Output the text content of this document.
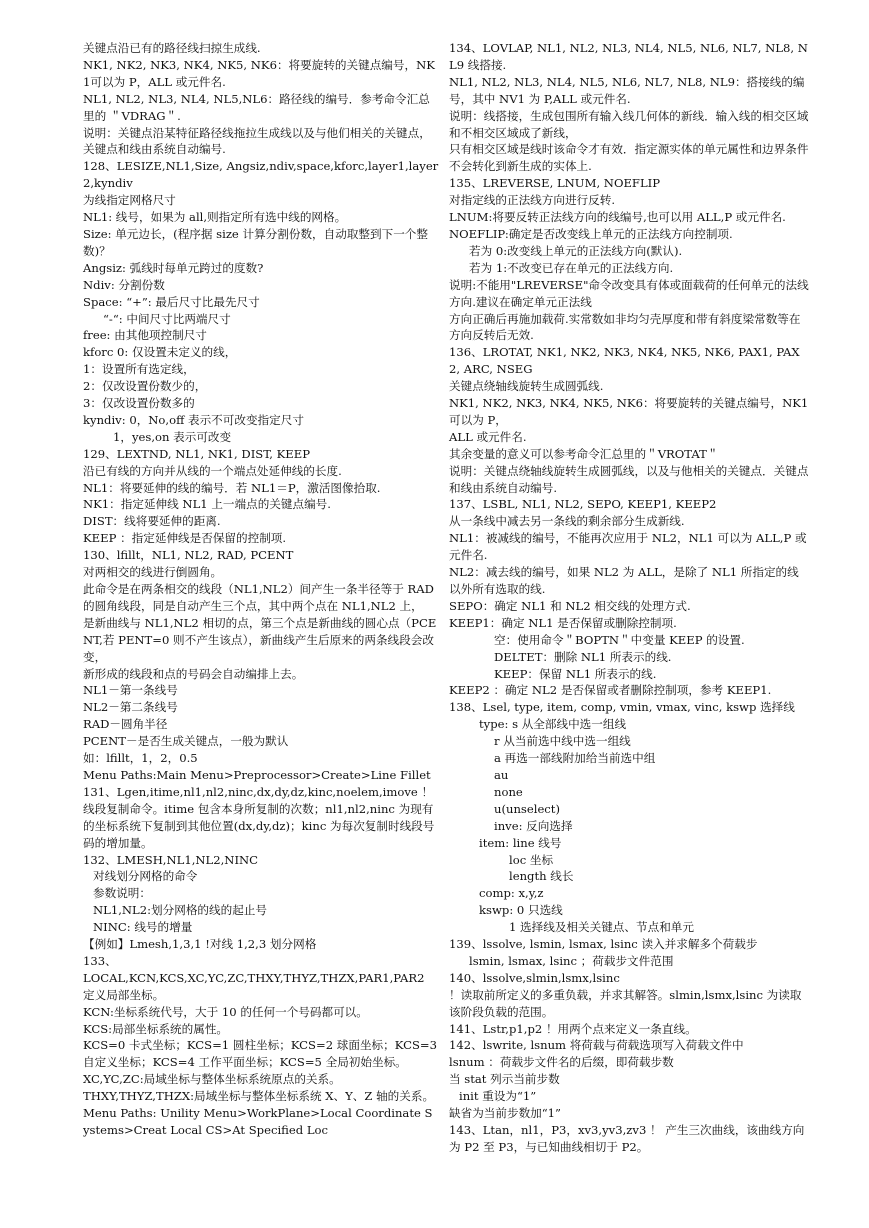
关键点沿已有的路径线扫掠生成线.
NK1, NK2, NK3, NK4, NK5, NK6：将要旋转的关键点编号，NK1可以为 P，ALL 或元件名.
NL1, NL2, NL3, NL4, NL5,NL6：路径线的编号．参考命令汇总里的 ＂VDRAG＂.
说明：关键点沿某特征路径线拖拉生成线以及与他们相关的关键点，关键点和线由系统自动编号.
128、LESIZE,NL1,Size, Angsiz,ndiv,space,kforc,layer1,layer2,kyndiv
为线指定网格尺寸
NL1: 线号，如果为 all,则指定所有选中线的网格。
Size: 单元边长，(程序据 size 计算分割份数，自动取整到下一个整数)？
Angsiz: 弧线时每单元跨过的度数?
Ndiv: 分割份数
Space: “+”: 最后尺寸比最先尺寸
“-“: 中间尺寸比两端尺寸
free: 由其他项控制尺寸
kforc 0: 仅设置未定义的线，
1：设置所有选定线，
2：仅改设置份数少的，
3：仅改设置份数多的
kyndiv: 0，No,off 表示不可改变指定尺寸
1，yes,on 表示可改变
129、LEXTND, NL1, NK1, DIST, KEEP
沿已有线的方向并从线的一个端点处延伸线的长度.
NL1：将要延伸的线的编号．若 NL1＝P，激活图像拾取.
NK1：指定延伸线 NL1 上一端点的关键点编号.
DIST：线将要延伸的距离.
KEEP ：指定延伸线是否保留的控制项.
130、lfillt，NL1, NL2, RAD, PCENT
对两相交的线进行倒圆角。
此命令是在两条相交的线段（NL1,NL2）间产生一条半径等于 RAD 的圆角线段，同是自动产生三个点，其中两个点在 NL1,NL2 上，
是新曲线与 NL1,NL2 相切的点，第三个点是新曲线的圆心点（PCENT,若 PENT=0 则不产生该点），新曲线产生后原来的两条线段会改变，
新形成的线段和点的号码会自动编排上去。
NL1－第一条线号
NL2－第二条线号
RAD－圆角半径
PCENT－是否生成关键点，一般为默认
如：lfillt，1，2，0.5
Menu Paths:Main Menu>Preprocessor>Create>Line Fillet
131、Lgen,itime,nl1,nl2,ninc,dx,dy,dz,kinc,noelem,imove ！ 线段复制命令。itime 包含本身所复制的次数；nl1,nl2,ninc 为现有的坐标系统下复制到其他位置(dx,dy,dz)；kinc 为每次复制时线段号码的增加量。
132、LMESH,NL1,NL2,NINC
对线划分网格的命令
参数说明：
NL1,NL2:划分网格的线的起止号
NINC: 线号的增量
【例如】Lmesh,1,3,1 !对线 1,2,3 划分网格
133、
LOCAL,KCN,KCS,XC,YC,ZC,THXY,THYZ,THZX,PAR1,PAR2 定义局部坐标。
KCN:坐标系统代号，大于 10 的任何一个号码都可以。
KCS:局部坐标系统的属性。
KCS=0 卡式坐标；KCS=1 圆柱坐标；KCS=2 球面坐标；KCS=3 自定义坐标；KCS=4 工作平面坐标；KCS=5 全局初始坐标。
XC,YC,ZC:局域坐标与整体坐标系统原点的关系。
THXY,THYZ,THZX:局域坐标与整体坐标系统 X、Y、Z 轴的关系。
Menu Paths: Unility Menu>WorkPlane>Local Coordinate Systems>Creat Local CS>At Specified Loc
134、LOVLAP, NL1, NL2, NL3, NL4, NL5, NL6, NL7, NL8, NL9 线搭接.
NL1, NL2, NL3, NL4, NL5, NL6, NL7, NL8, NL9：搭接线的编号，其中 NV1 为 P,ALL 或元件名.
说明：线搭接，生成包围所有输入线几何体的新线．输入线的相交区域和不相交区域成了新线，
只有相交区域是线时该命令才有效．指定源实体的单元属性和边界条件不会转化到新生成的实体上.
135、LREVERSE, LNUM, NOEFLIP
对指定线的正法线方向进行反转.
LNUM:将要反转正法线方向的线编号,也可以用 ALL,P 或元件名.
NOEFLIP:确定是否改变线上单元的正法线方向控制项.
若为 0:改变线上单元的正法线方向(默认).
若为 1:不改变已存在单元的正法线方向.
说明:不能用"LREVERSE"命令改变具有体或面载荷的任何单元的法线方向.建议在确定单元正法线
方向正确后再施加载荷.实常数如非均匀壳厚度和带有斜度梁常数等在方向反转后无效.
136、LROTAT, NK1, NK2, NK3, NK4, NK5, NK6, PAX1, PAX2, ARC, NSEG
关键点绕轴线旋转生成圆弧线.
NK1, NK2, NK3, NK4, NK5, NK6：将要旋转的关键点编号，NK1可以为 P，
ALL 或元件名.
其余变量的意义可以参考命令汇总里的＂VROTAT＂
说明：关键点绕轴线旋转生成圆弧线，以及与他相关的关键点．关键点和线由系统自动编号.
137、LSBL, NL1, NL2, SEPO, KEEP1, KEEP2
从一条线中减去另一条线的剩余部分生成新线.
NL1：被减线的编号，不能再次应用于 NL2，NL1 可以为 ALL,P 或元件名.
NL2：减去线的编号，如果 NL2 为 ALL，是除了 NL1 所指定的线以外所有选取的线.
SEPO：确定 NL1 和 NL2 相交线的处理方式.
KEEP1：确定 NL1 是否保留或删除控制项.
空：使用命令＂BOPTN＂中变量 KEEP 的设置.
DELTET：删除 NL1 所表示的线.
KEEP：保留 NL1 所表示的线.
KEEP2 ：确定 NL2 是否保留或者删除控制项，参考 KEEP1.
138、Lsel, type, item, comp, vmin, vmax, vinc, kswp 选择线
type: s 从全部线中选一组线
r 从当前选中线中选一组线
a 再选一部线附加给当前选中组
au
none
u(unselect)
inve: 反向选择
item: line 线号
loc 坐标
length 线长
comp: x,y,z
kswp: 0 只选线
1 选择线及相关关键点、节点和单元
139、lssolve, lsmin, lsmax, lsinc 读入并求解多个荷载步
lsmin, lsmax, lsinc ；荷载步文件范围
140、lssolve,slmin,lsmx,lsinc
！读取前所定义的多重负载，并求其解答。slmin,lsmx,lsinc 为读取该阶段负载的范围。
141、Lstr,p1,p2 ！用两个点来定义一条直线。
142、lswrite, lsnum 将荷载与荷载选项写入荷载文件中
lsnum ：荷载步文件名的后缀，即荷载步数
当 stat 列示当前步数
init 重设为“1”
缺省为当前步数加“1”
143、Ltan，nl1，P3，xv3,yv3,zv3 ！ 产生三次曲线，该曲线方向为 P2 至 P3，与已知曲线相切于 P2。
